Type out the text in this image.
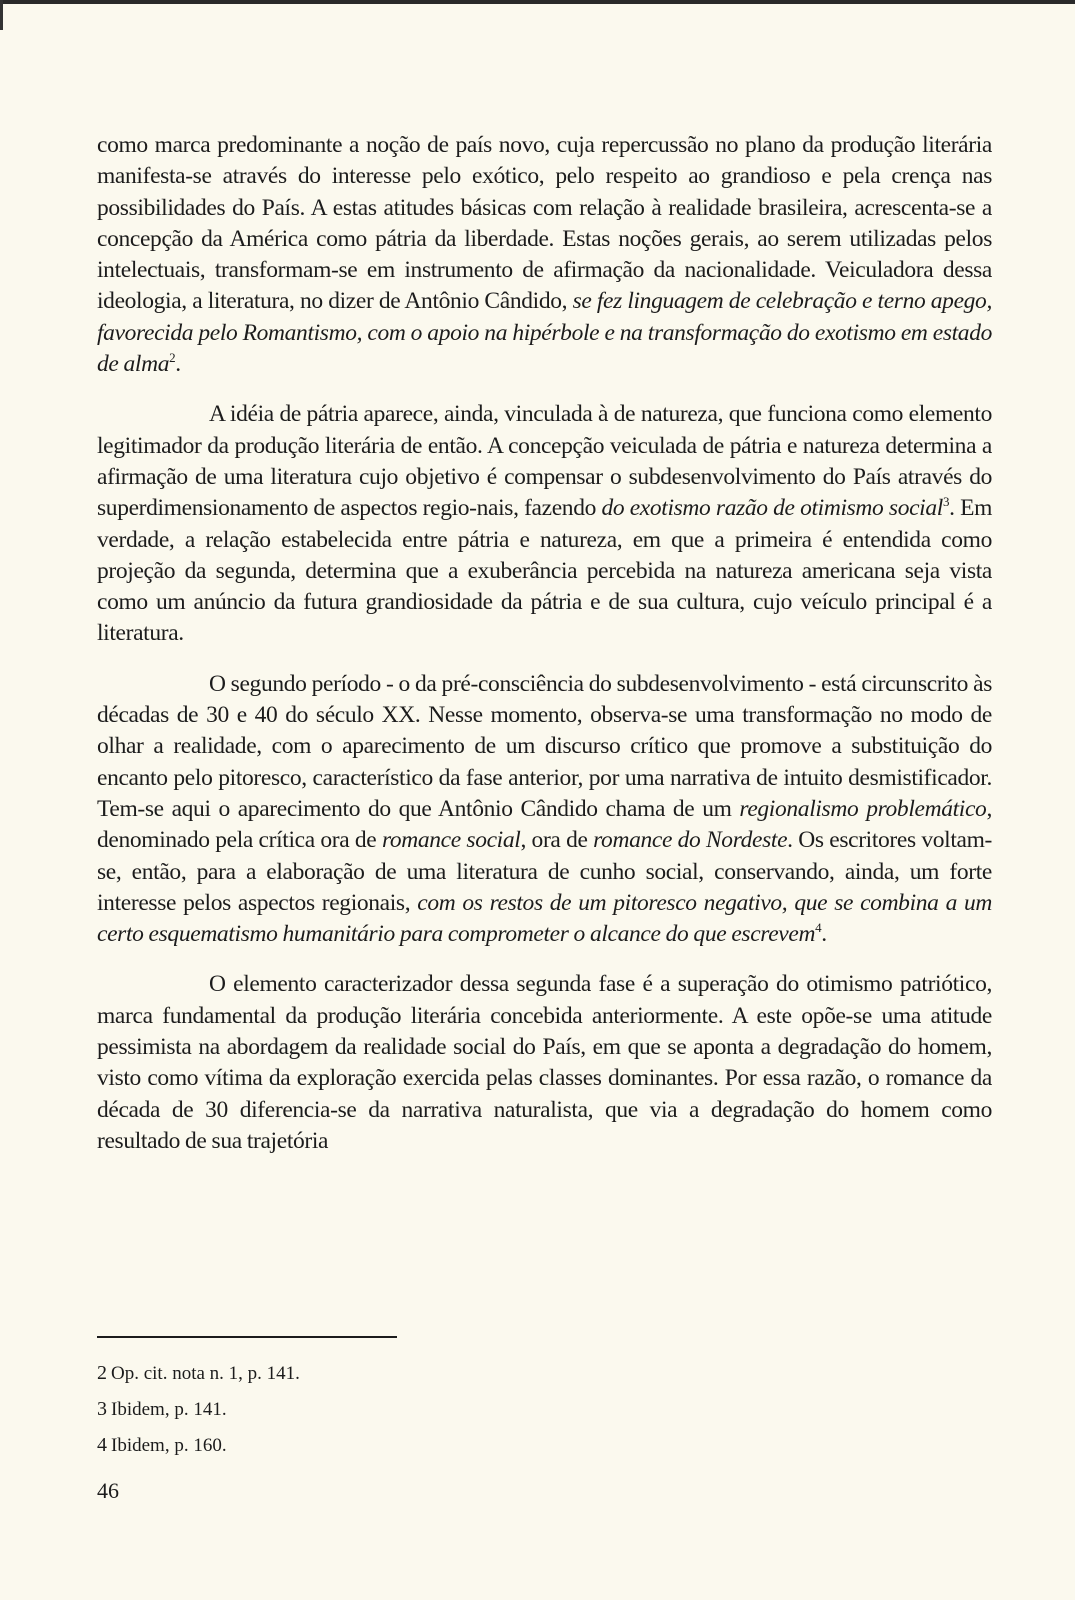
como marca predominante a noção de país novo, cuja repercussão no plano da produção literária manifesta-se através do interesse pelo exótico, pelo respeito ao grandioso e pela crença nas possibilidades do País. A estas atitudes básicas com relação à realidade brasileira, acrescenta-se a concepção da América como pátria da liberdade. Estas noções gerais, ao serem utilizadas pelos intelectuais, transformam-se em instrumento de afirmação da nacionalidade. Veiculadora dessa ideologia, a literatura, no dizer de Antônio Cândido, se fez linguagem de celebração e terno apego, favorecida pelo Romantismo, com o apoio na hipérbole e na transformação do exotismo em estado de alma$^2$.

A idéia de pátria aparece, ainda, vinculada à de natureza, que funciona como elemento legitimador da produção literária de então. A concepção veiculada de pátria e natureza determina a afirmação de uma literatura cujo objetivo é compensar o subdesenvolvimento do País através do superdimensionamento de aspectos regio-nais, fazendo do exotismo razão de otimismo social$^3$. Em verdade, a relação estabelecida entre pátria e natureza, em que a primeira é entendida como projeção da segunda, determina que a exuberância percebida na natureza americana seja vista como um anúncio da futura grandiosidade da pátria e de sua cultura, cujo veículo principal é a literatura.

O segundo período - o da pré-consciência do subdesenvolvimento - está circunscrito às décadas de 30 e 40 do século XX. Nesse momento, observa-se uma transformação no modo de olhar a realidade, com o aparecimento de um discurso crítico que promove a substituição do encanto pelo pitoresco, característico da fase anterior, por uma narrativa de intuito desmistificador. Tem-se aqui o aparecimento do que Antônio Cândido chama de um regionalismo problemático, denominado pela crítica ora de romance social, ora de romance do Nordeste. Os escritores voltam-se, então, para a elaboração de uma literatura de cunho social, conservando, ainda, um forte interesse pelos aspectos regionais, com os restos de um pitoresco negativo, que se combina a um certo esquematismo humanitário para comprometer o alcance do que escrevem$^4$.

O elemento caracterizador dessa segunda fase é a superação do otimismo patriótico, marca fundamental da produção literária concebida anteriormente. A este opõe-se uma atitude pessimista na abordagem da realidade social do País, em que se aponta a degradação do homem, visto como vítima da exploração exercida pelas classes dominantes. Por essa razão, o romance da década de 30 diferencia-se da narrativa naturalista, que via a degradação do homem como resultado de sua trajetória

2 Op. cit. nota n. 1, p. 141.
3 Ibidem, p. 141.
4 Ibidem, p. 160.
46
